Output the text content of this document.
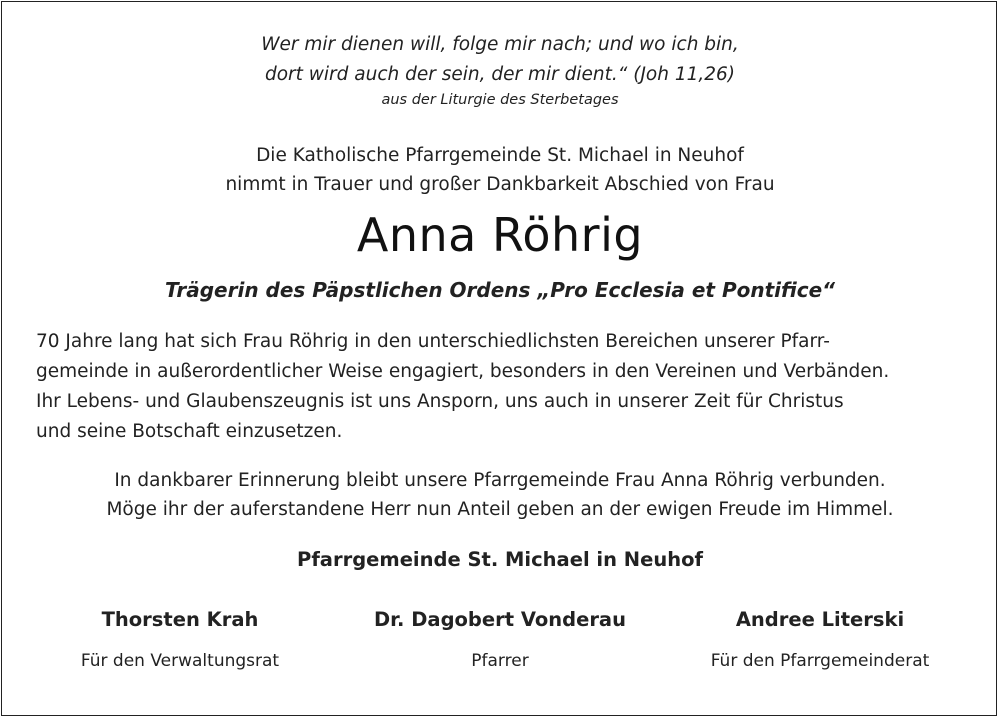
Wer mir dienen will, folge mir nach; und wo ich bin,
dort wird auch der sein, der mir dient.“ (Joh 11,26)
aus der Liturgie des Sterbetages
Die Katholische Pfarrgemeinde St. Michael in Neuhof
nimmt in Trauer und großer Dankbarkeit Abschied von Frau
Anna Röhrig
Trägerin des Päpstlichen Ordens „Pro Ecclesia et Pontifice“
70 Jahre lang hat sich Frau Röhrig in den unterschiedlichsten Bereichen unserer Pfarr-
gemeinde in außerordentlicher Weise engagiert, besonders in den Vereinen und Verbänden.
Ihr Lebens- und Glaubenszeugnis ist uns Ansporn, uns auch in unserer Zeit für Christus
und seine Botschaft einzusetzen.
In dankbarer Erinnerung bleibt unsere Pfarrgemeinde Frau Anna Röhrig verbunden.
Möge ihr der auferstandene Herr nun Anteil geben an der ewigen Freude im Himmel.
Pfarrgemeinde St. Michael in Neuhof
Thorsten Krah
Für den Verwaltungsrat
Dr. Dagobert Vonderau
Pfarrer
Andree Literski
Für den Pfarrgemeinderat
